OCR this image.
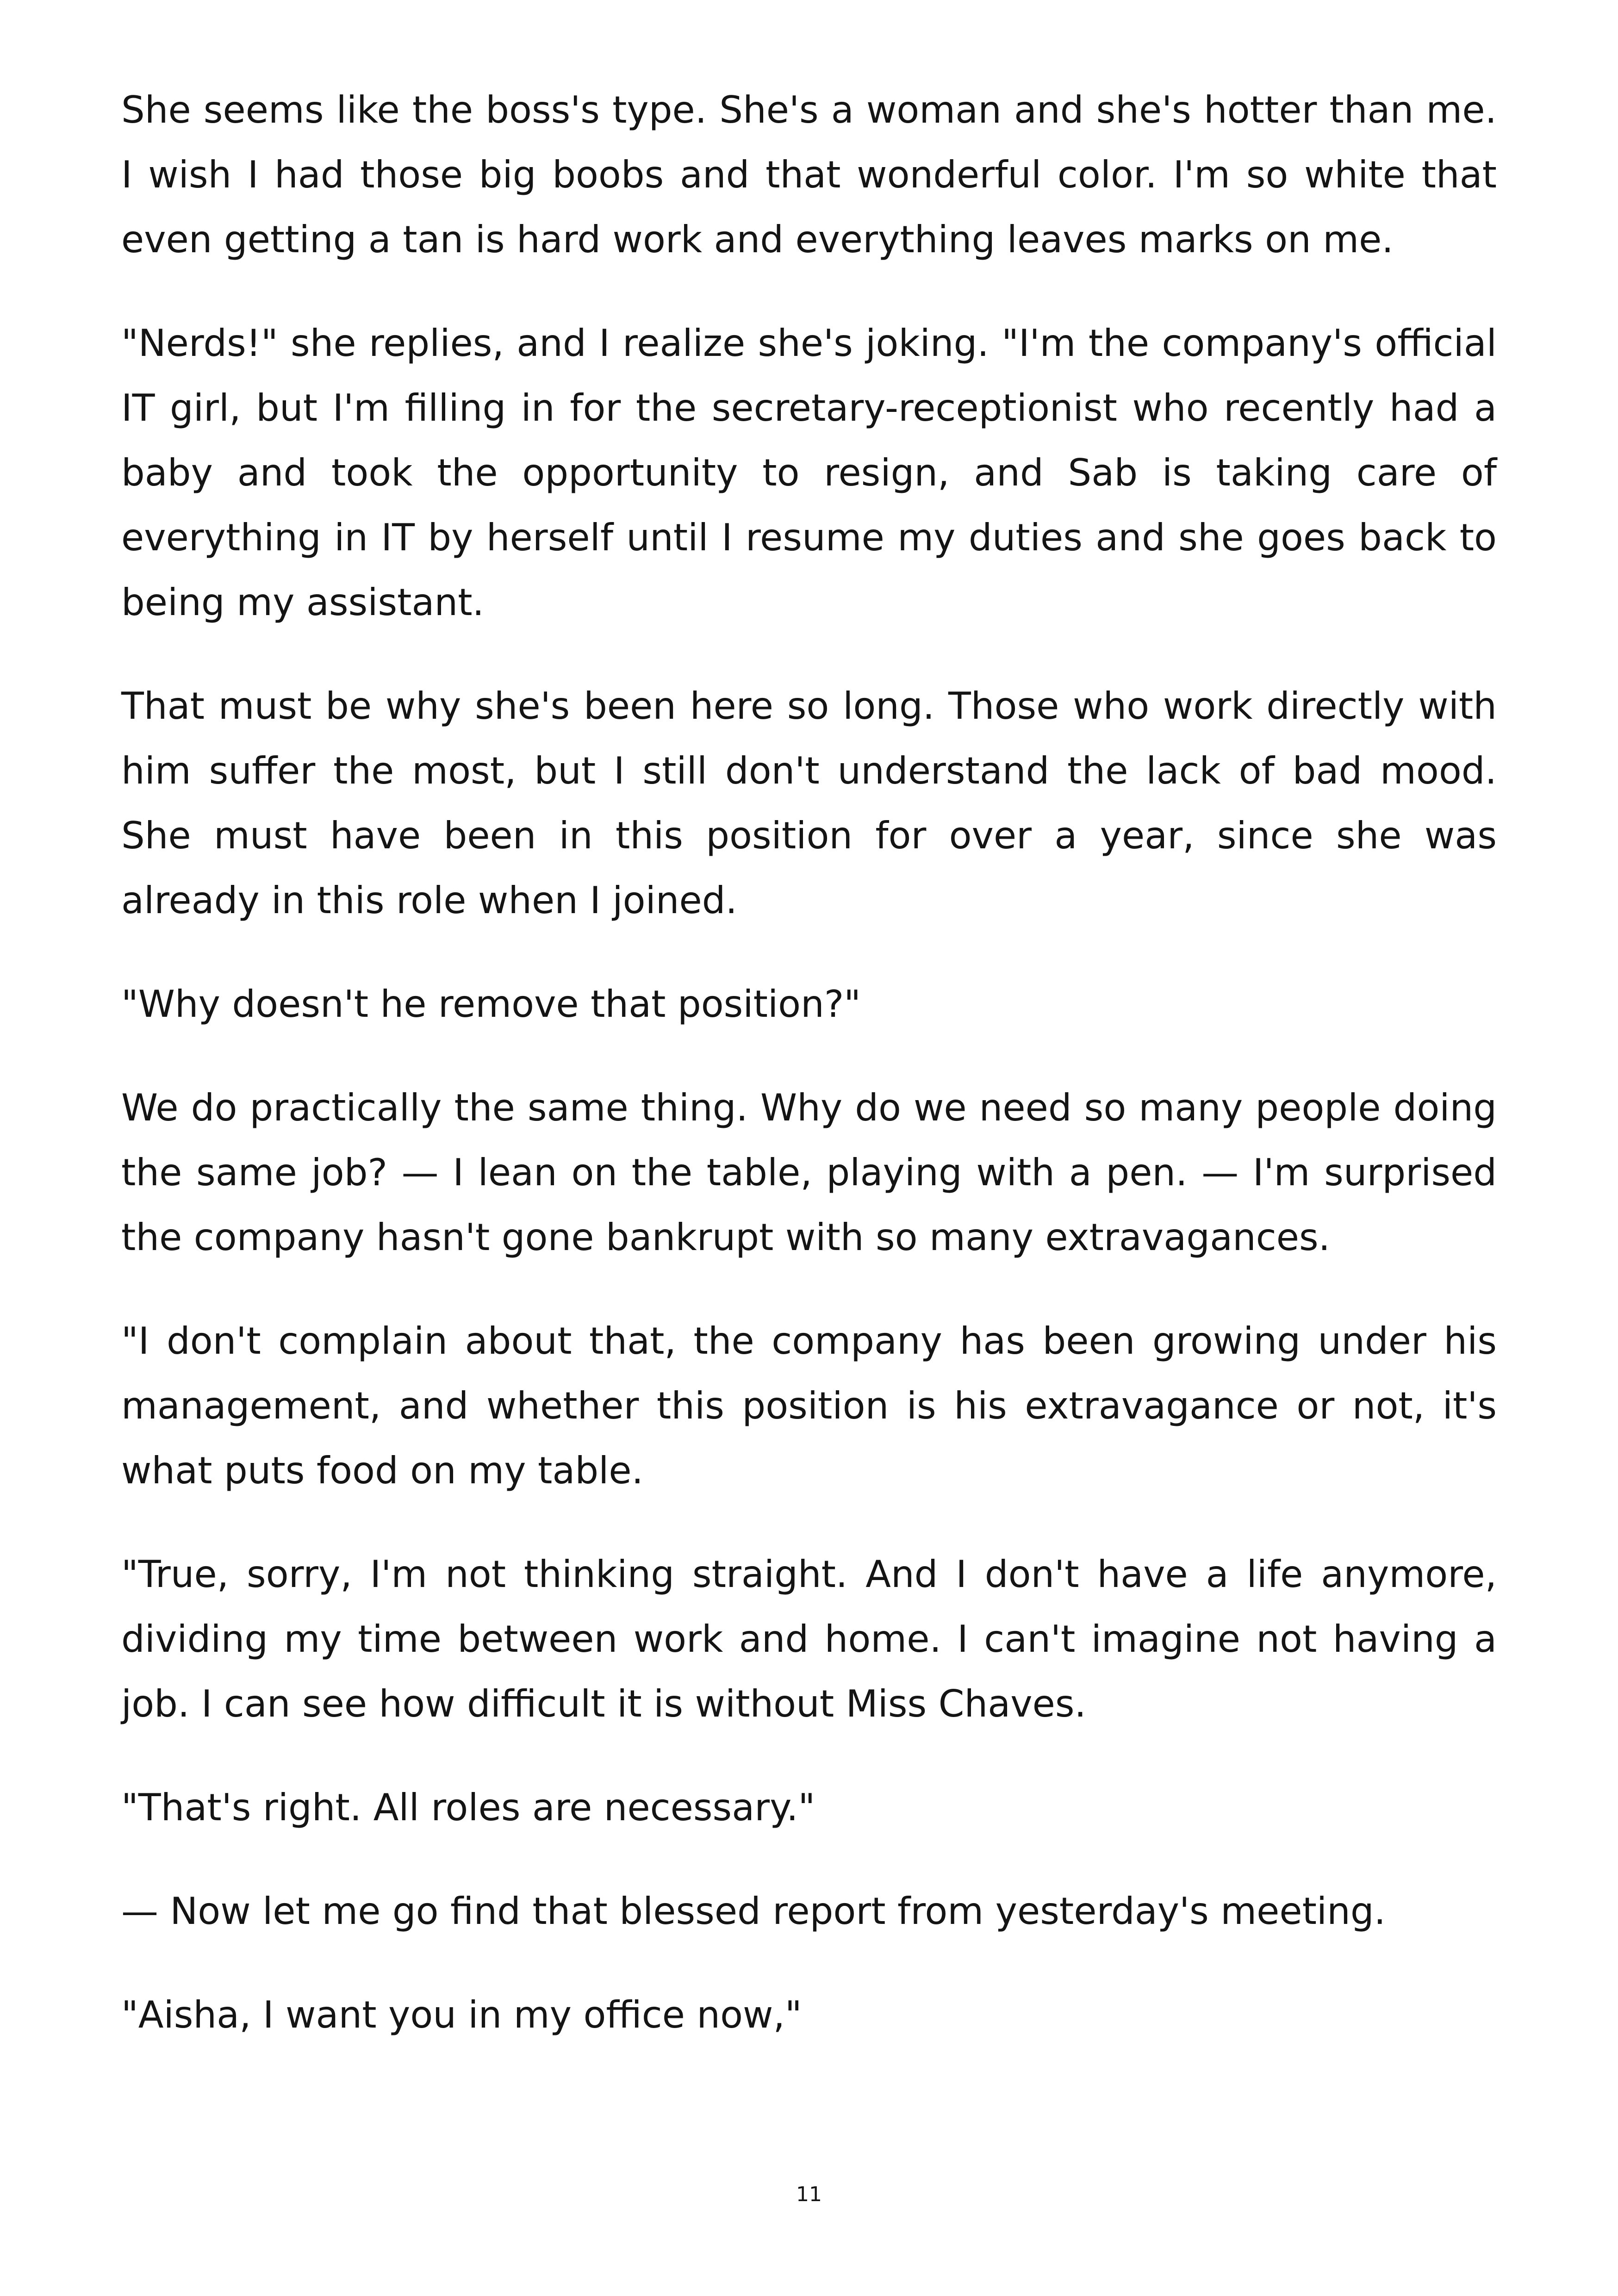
She seems like the boss's type. She's a woman and she's hotter than me. I wish I had those big boobs and that wonderful color. I'm so white that even getting a tan is hard work and everything leaves marks on me.

"Nerds!" she replies, and I realize she's joking. "I'm the company's official IT girl, but I'm filling in for the secretary-receptionist who recently had a baby and took the opportunity to resign, and Sab is taking care of everything in IT by herself until I resume my duties and she goes back to being my assistant.

That must be why she's been here so long. Those who work directly with him suffer the most, but I still don't understand the lack of bad mood. She must have been in this position for over a year, since she was already in this role when I joined.

"Why doesn't he remove that position?"

We do practically the same thing. Why do we need so many people doing the same job? — I lean on the table, playing with a pen. — I'm surprised the company hasn't gone bankrupt with so many extravagances.

"I don't complain about that, the company has been growing under his management, and whether this position is his extravagance or not, it's what puts food on my table.

"True, sorry, I'm not thinking straight. And I don't have a life anymore, dividing my time between work and home. I can't imagine not having a job. I can see how difficult it is without Miss Chaves.

"That's right. All roles are necessary."

— Now let me go find that blessed report from yesterday's meeting.

"Aisha, I want you in my office now,"

11
